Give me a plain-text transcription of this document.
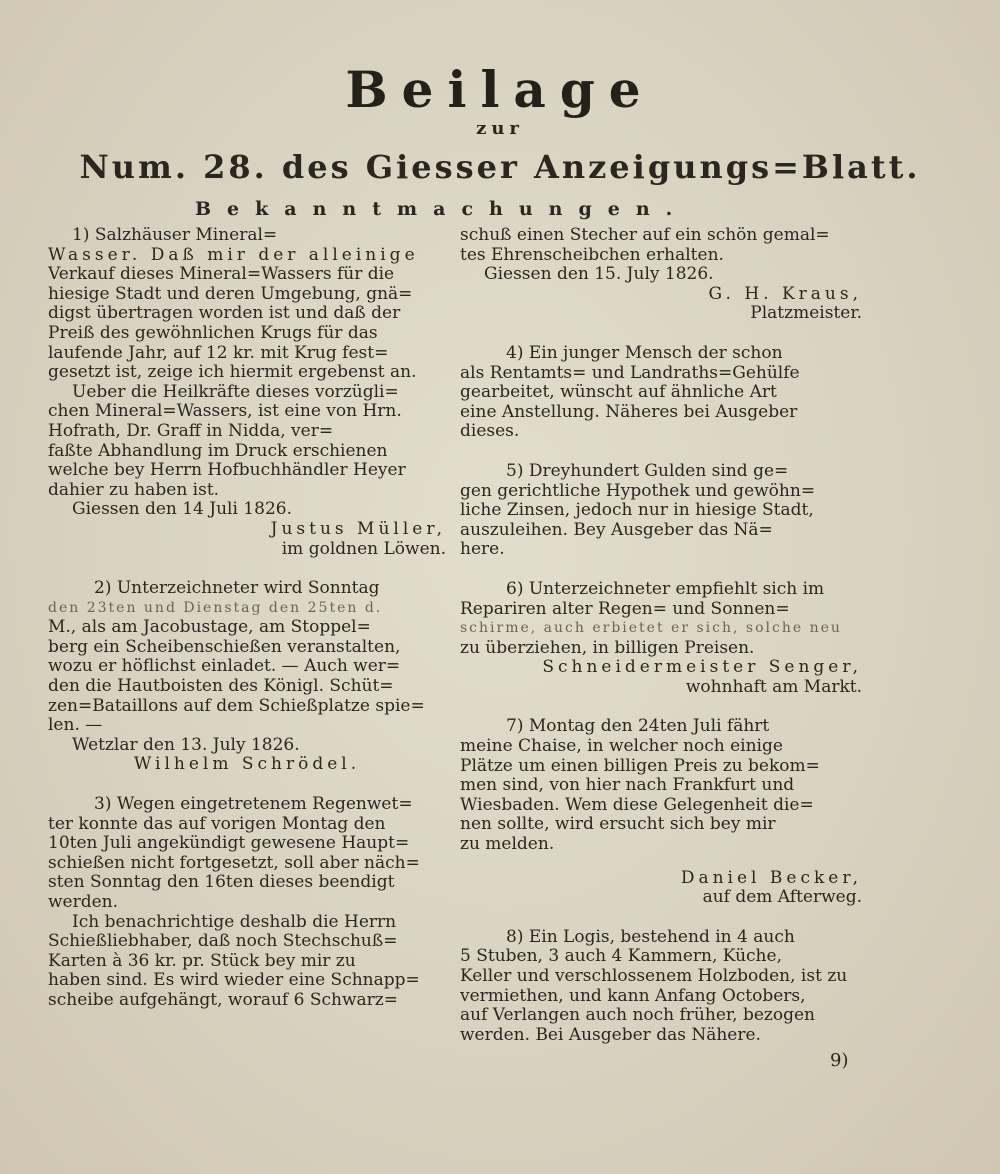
Beilage
zur
Num. 28. des Giesser Anzeigungs=Blatt.
Bekanntmachungen.
1) Salzhäuser Mineral=
Wasser. Daß mir der alleinige
Verkauf dieses Mineral=Wassers für die
hiesige Stadt und deren Umgebung, gnä=
digst übertragen worden ist und daß der
Preiß des gewöhnlichen Krugs für das
laufende Jahr, auf 12 kr. mit Krug fest=
gesetzt ist, zeige ich hiermit ergebenst an.
Ueber die Heilkräfte dieses vorzügli=
chen Mineral=Wassers, ist eine von Hrn.
Hofrath, Dr. Graff in Nidda, ver=
faßte Abhandlung im Druck erschienen
welche bey Herrn Hofbuchhändler Heyer
dahier zu haben ist.
Giessen den 14 Juli 1826.
Justus Müller,
im goldnen Löwen.
2) Unterzeichneter wird Sonntag
den 23ten und Dienstag den 25ten d.
M., als am Jacobustage, am Stoppel=
berg ein Scheibenschießen veranstalten,
wozu er höflichst einladet. — Auch wer=
den die Hautboisten des Königl. Schüt=
zen=Bataillons auf dem Schießplatze spie=
len. —
Wetzlar den 13. July 1826.
Wilhelm Schrödel.
3) Wegen eingetretenem Regenwet=
ter konnte das auf vorigen Montag den
10ten Juli angekündigt gewesene Haupt=
schießen nicht fortgesetzt, soll aber näch=
sten Sonntag den 16ten dieses beendigt
werden.
Ich benachrichtige deshalb die Herrn
Schießliebhaber, daß noch Stechschuß=
Karten à 36 kr. pr. Stück bey mir zu
haben sind. Es wird wieder eine Schnapp=
scheibe aufgehängt, worauf 6 Schwarz=
schuß einen Stecher auf ein schön gemal=
tes Ehrenscheibchen erhalten.
Giessen den 15. July 1826.
G. H. Kraus,
Platzmeister.
4) Ein junger Mensch der schon
als Rentamts= und Landraths=Gehülfe
gearbeitet, wünscht auf ähnliche Art
eine Anstellung. Näheres bei Ausgeber
dieses.
5) Dreyhundert Gulden sind ge=
gen gerichtliche Hypothek und gewöhn=
liche Zinsen, jedoch nur in hiesige Stadt,
auszuleihen. Bey Ausgeber das Nä=
here.
6) Unterzeichneter empfiehlt sich im
Repariren alter Regen= und Sonnen=
schirme, auch erbietet er sich, solche neu
zu überziehen, in billigen Preisen.
Schneidermeister Senger,
wohnhaft am Markt.
7) Montag den 24ten Juli fährt
meine Chaise, in welcher noch einige
Plätze um einen billigen Preis zu bekom=
men sind, von hier nach Frankfurt und
Wiesbaden. Wem diese Gelegenheit die=
nen sollte, wird ersucht sich bey mir
zu melden.
Daniel Becker,
auf dem Afterweg.
8) Ein Logis, bestehend in 4 auch
5 Stuben, 3 auch 4 Kammern, Küche,
Keller und verschlossenem Holzboden, ist zu
vermiethen, und kann Anfang Octobers,
auf Verlangen auch noch früher, bezogen
werden. Bei Ausgeber das Nähere.
9)
